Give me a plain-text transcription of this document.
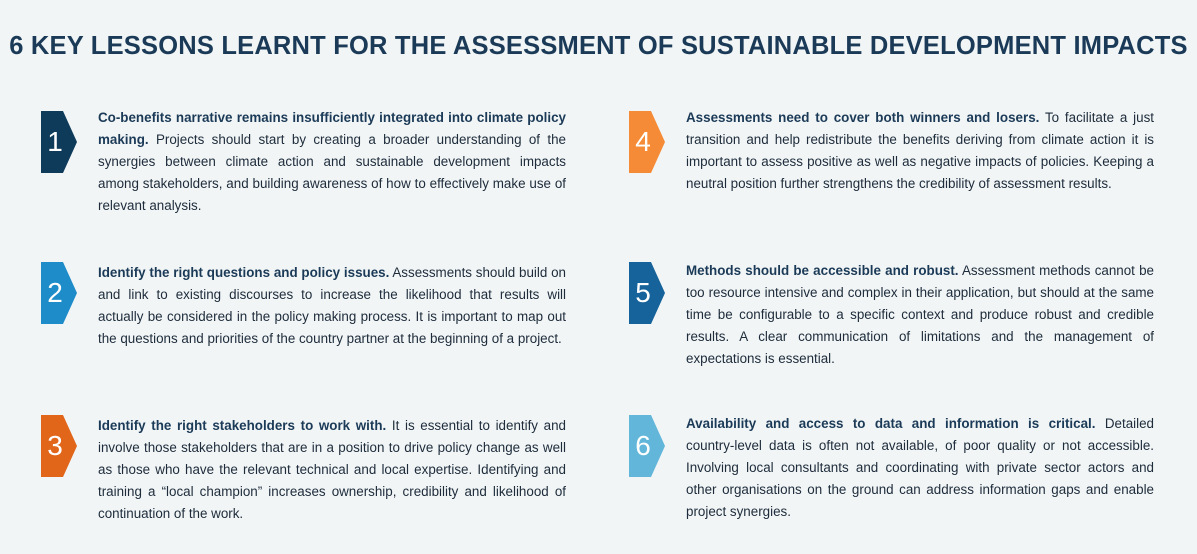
6 KEY LESSONS LEARNT FOR THE ASSESSMENT OF SUSTAINABLE DEVELOPMENT IMPACTS
1

Co-benefits narrative remains insufficiently integrated into climate policy making. Projects should start by creating a broader understanding of the synergies between climate action and sustainable development impacts among stakeholders, and building awareness of how to effectively make use of relevant analysis.

2

Identify the right questions and policy issues. Assessments should build on and link to existing discourses to increase the likelihood that results will actually be considered in the policy making process. It is important to map out the questions and priorities of the country partner at the beginning of a project.

3

Identify the right stakeholders to work with. It is essential to identify and involve those stakeholders that are in a position to drive policy change as well as those who have the relevant technical and local expertise. Identifying and training a “local champion” increases ownership, credibility and likelihood of continuation of the work.

4

Assessments need to cover both winners and losers. To facilitate a just transition and help redistribute the benefits deriving from climate action it is important to assess positive as well as negative impacts of policies. Keeping a neutral position further strengthens the credibility of assessment results.

5

Methods should be accessible and robust. Assessment methods cannot be too resource intensive and complex in their application, but should at the same time be configurable to a specific context and produce robust and credible results. A clear communication of limitations and the management of expectations is essential.

6

Availability and access to data and information is critical. Detailed country-level data is often not available, of poor quality or not accessible. Involving local consultants and coordinating with private sector actors and other organisations on the ground can address information gaps and enable project synergies.
